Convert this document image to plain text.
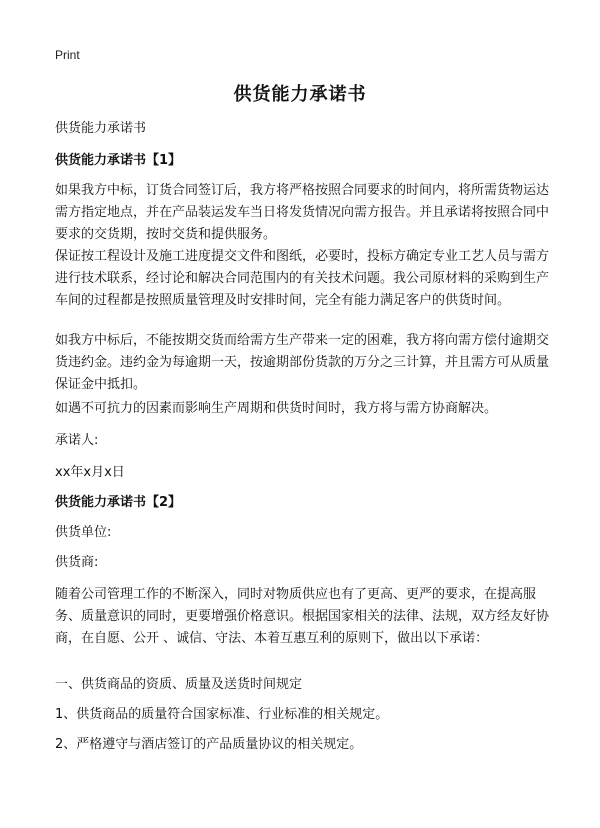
Print
供货能力承诺书

供货能力承诺书

供货能力承诺书【1】

如果我方中标，订货合同签订后，我方将严格按照合同要求的时间内，将所需货物运达需方指定地点，并在产品装运发车当日将发货情况向需方报告。并且承诺将按照合同中要求的交货期，按时交货和提供服务。

保证按工程设计及施工进度提交文件和图纸，必要时，投标方确定专业工艺人员与需方进行技术联系，经讨论和解决合同范围内的有关技术问题。我公司原材料的采购到生产车间的过程都是按照质量管理及时安排时间，完全有能力满足客户的供货时间。

如我方中标后，不能按期交货而给需方生产带来一定的困难，我方将向需方偿付逾期交货违约金。违约金为每逾期一天，按逾期部份货款的万分之三计算，并且需方可从质量保证金中抵扣。

如遇不可抗力的因素而影响生产周期和供货时间时，我方将与需方协商解决。

承诺人:

xx年x月x日

供货能力承诺书【2】

供货单位:

供货商:

随着公司管理工作的不断深入，同时对物质供应也有了更高、更严的要求，在提高服务、质量意识的同时，更要增强价格意识。根据国家相关的法律、法规，双方经友好协商，在自愿、公开 、诚信、守法、本着互惠互利的原则下，做出以下承诺：

一、供货商品的资质、质量及送货时间规定

1、供货商品的质量符合国家标准、行业标准的相关规定。

2、严格遵守与酒店签订的产品质量协议的相关规定。
